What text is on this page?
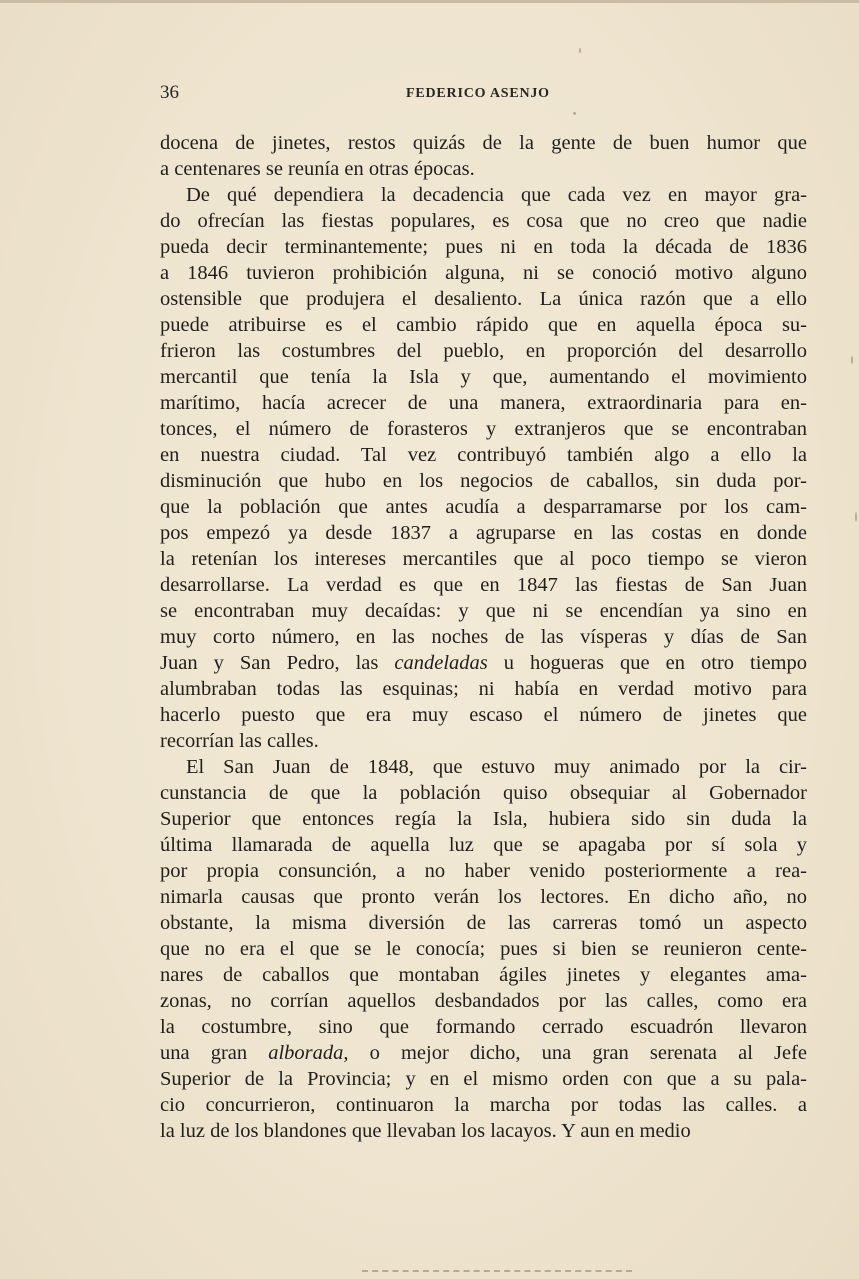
36	FEDERICO ASENJO
docena de jinetes, restos quizás de la gente de buen humor que
a centenares se reunía en otras épocas.
De qué dependiera la decadencia que cada vez en mayor gra-
do ofrecían las fiestas populares, es cosa que no creo que nadie
pueda decir terminantemente; pues ni en toda la década de 1836
a 1846 tuvieron prohibición alguna, ni se conoció motivo alguno
ostensible que produjera el desaliento. La única razón que a ello
puede atribuirse es el cambio rápido que en aquella época su-
frieron las costumbres del pueblo, en proporción del desarrollo
mercantil que tenía la Isla y que, aumentando el movimiento
marítimo, hacía acrecer de una manera, extraordinaria para en-
tonces, el número de forasteros y extranjeros que se encontraban
en nuestra ciudad. Tal vez contribuyó también algo a ello la
disminución que hubo en los negocios de caballos, sin duda por-
que la población que antes acudía a desparramarse por los cam-
pos empezó ya desde 1837 a agruparse en las costas en donde
la retenían los intereses mercantiles que al poco tiempo se vieron
desarrollarse. La verdad es que en 1847 las fiestas de San Juan
se encontraban muy decaídas: y que ni se encendían ya sino en
muy corto número, en las noches de las vísperas y días de San
Juan y San Pedro, las candeladas u hogueras que en otro tiempo
alumbraban todas las esquinas; ni había en verdad motivo para
hacerlo puesto que era muy escaso el número de jinetes que
recorrían las calles.
El San Juan de 1848, que estuvo muy animado por la cir-
cunstancia de que la población quiso obsequiar al Gobernador
Superior que entonces regía la Isla, hubiera sido sin duda la
última llamarada de aquella luz que se apagaba por sí sola y
por propia consunción, a no haber venido posteriormente a rea-
nimarla causas que pronto verán los lectores. En dicho año, no
obstante, la misma diversión de las carreras tomó un aspecto
que no era el que se le conocía; pues si bien se reunieron cente-
nares de caballos que montaban ágiles jinetes y elegantes ama-
zonas, no corrían aquellos desbandados por las calles, como era
la costumbre, sino que formando cerrado escuadrón llevaron
una gran alborada, o mejor dicho, una gran serenata al Jefe
Superior de la Provincia; y en el mismo orden con que a su pala-
cio concurrieron, continuaron la marcha por todas las calles. a
la luz de los blandones que llevaban los lacayos. Y aun en medio
